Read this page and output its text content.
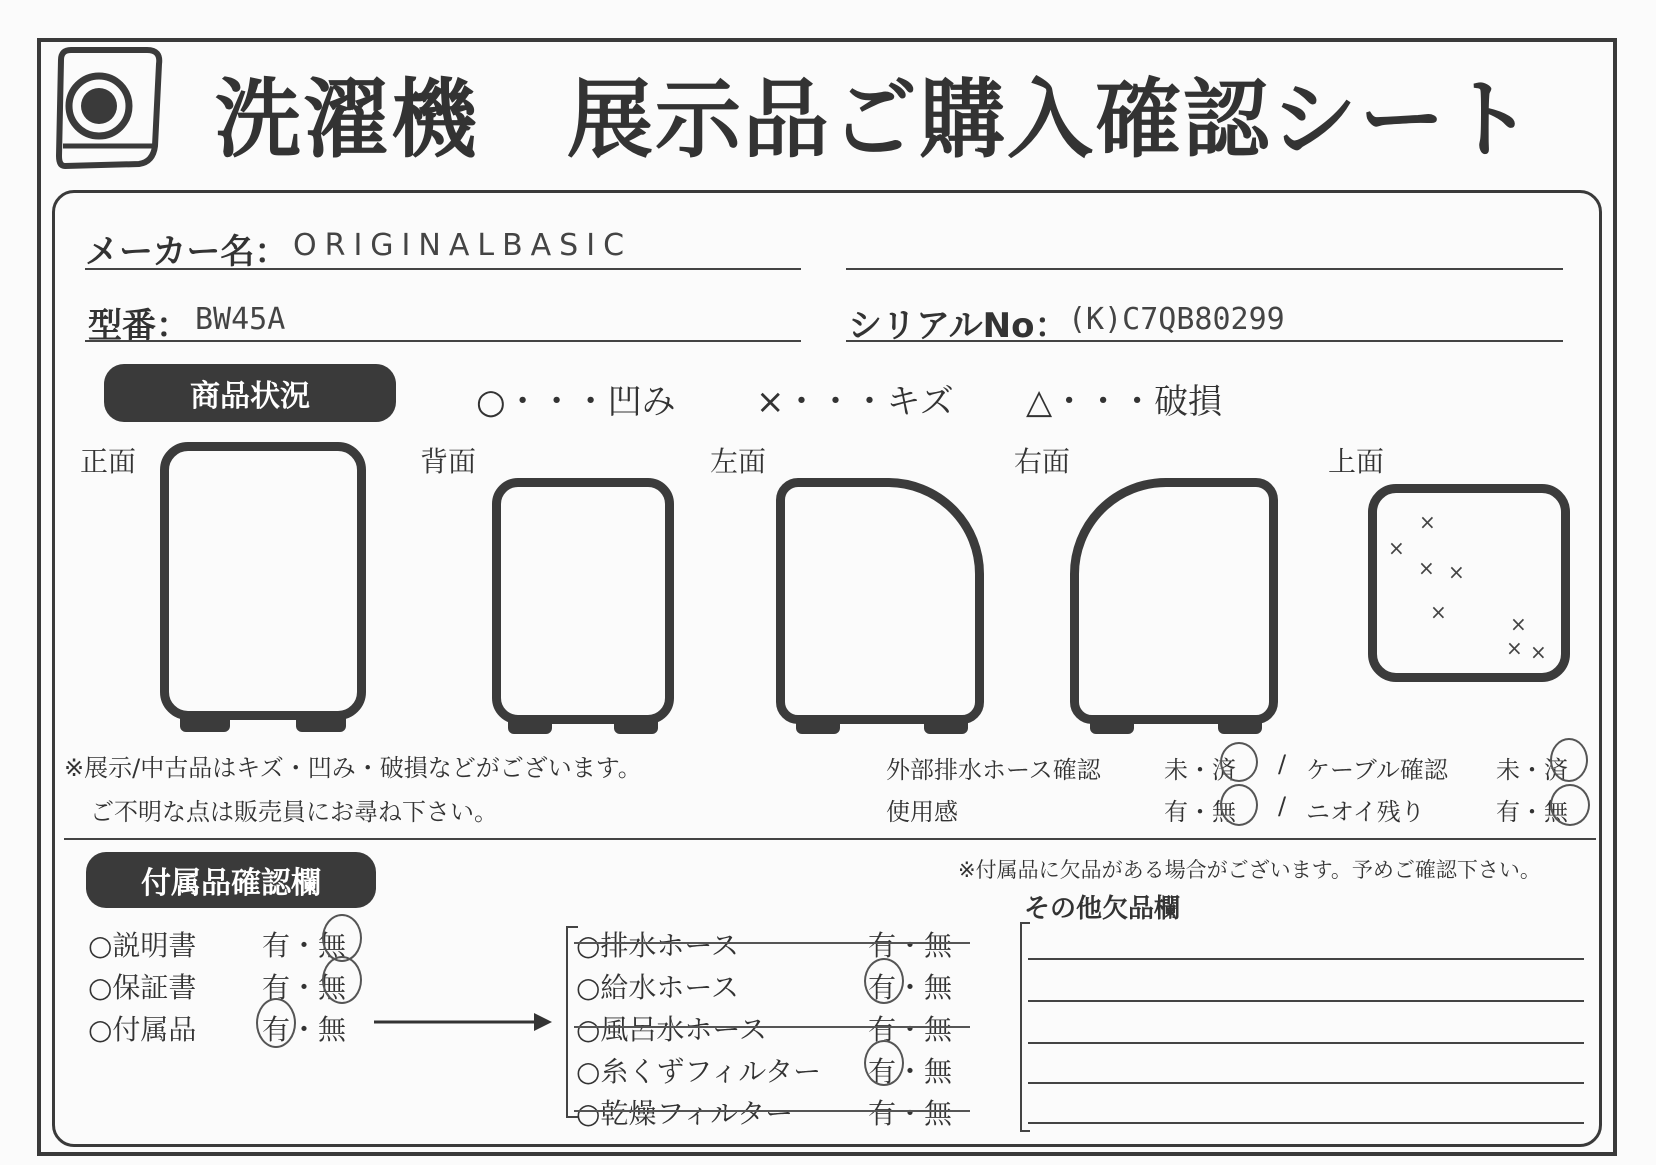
洗濯機　展示品ご購入確認シート
メーカー名： ORIGINALBASIC
型番： BW45A	シリアルNo： (K)C7QB80299
商品状況	○・・・凹み ×・・・キズ △・・・破損
正面	背面	左面	右面	上面
×
×
× ×
×	×
× ×
※展示/中古品はキズ・凹み・破損などがございます。
ご不明な点は販売員にお尋ね下さい。
外部排水ホース確認	未・済 / ケーブル確認 未・済
使用感	有・無 / ニオイ残り	有・無
付属品確認欄	※付属品に欠品がある場合がございます。予めご確認下さい。
その他欠品欄
○説明書 有・無
○保証書 有・無
○付属品 有・無
○排水ホース	有・無
○給水ホース	有・無
○風呂水ホース	有・無
○糸くずフィルター 有・無
○乾燥フィルター	有・無
